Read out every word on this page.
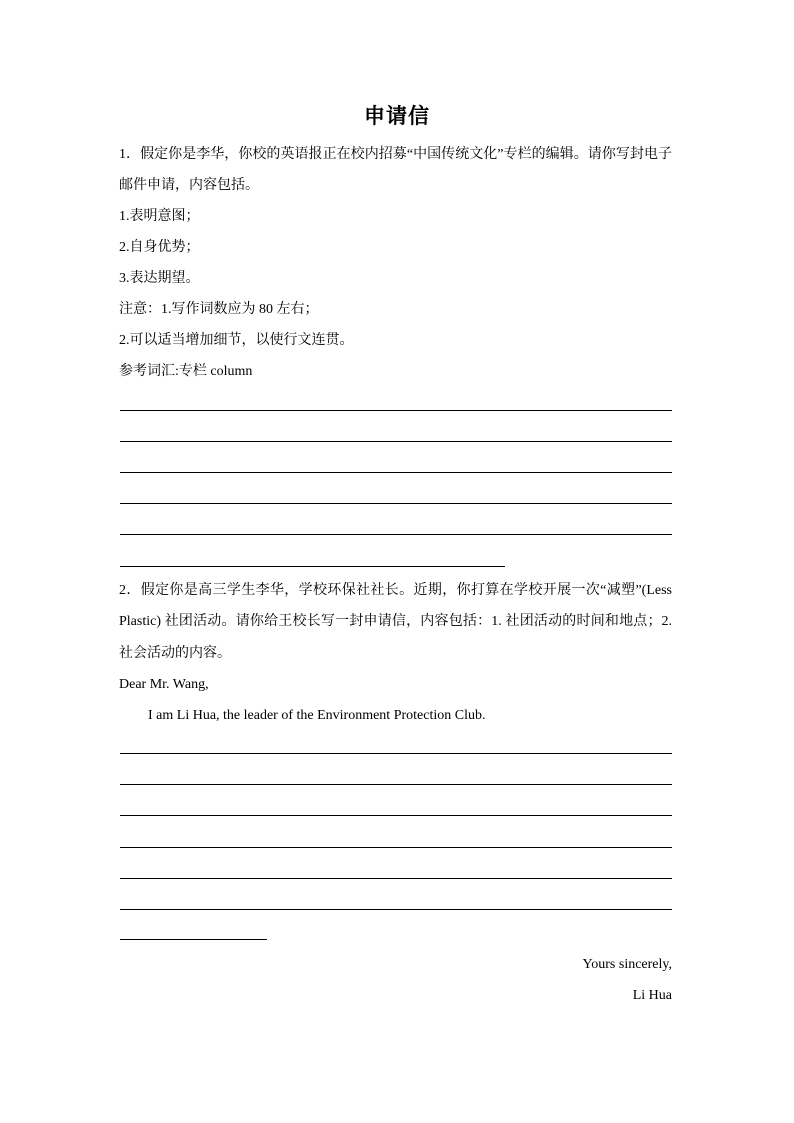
申请信
1．假定你是李华，你校的英语报正在校内招募“中国传统文化”专栏的编辑。请你写封电子
邮件申请，内容包括。
1.表明意图；
2.自身优势；
3.表达期望。
注意：1.写作词数应为 80 左右；
2.可以适当增加细节，以使行文连贯。
参考词汇:专栏 column
2．假定你是高三学生李华，学校环保社社长。近期，你打算在学校开展一次“减塑”(Less
Plastic) 社团活动。请你给王校长写一封申请信，内容包括：1. 社团活动的时间和地点；2.
社会活动的内容。
Dear Mr. Wang,
I am Li Hua, the leader of the Environment Protection Club.
Yours sincerely,
Li Hua
